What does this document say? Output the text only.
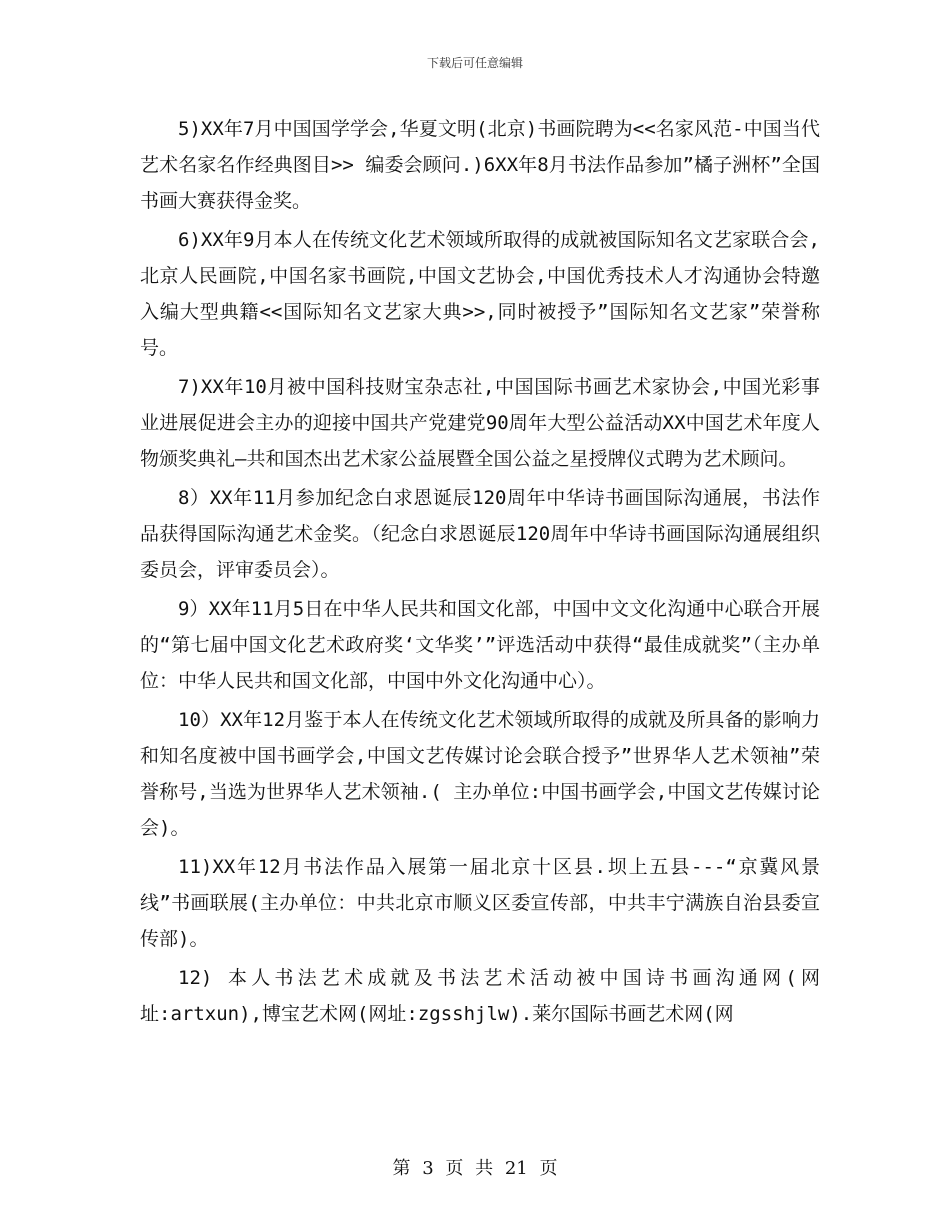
下载后可任意编辑

5)XX年7月中国国学学会,华夏文明(北京)书画院聘为<<名家风范-中国当代艺术名家名作经典图目>> 编委会顾问.)6XX年8月书法作品参加”橘子洲杯”全国书画大赛获得金奖。

6)XX年9月本人在传统文化艺术领域所取得的成就被国际知名文艺家联合会,北京人民画院,中国名家书画院,中国文艺协会,中国优秀技术人才沟通协会特邀入编大型典籍<<国际知名文艺家大典>>,同时被授予”国际知名文艺家”荣誉称号。

7)XX年10月被中国科技财宝杂志社,中国国际书画艺术家协会,中国光彩事业进展促进会主办的迎接中国共产党建党90周年大型公益活动XX中国艺术年度人物颁奖典礼—共和国杰出艺术家公益展暨全国公益之星授牌仪式聘为艺术顾问。

8）XX年11月参加纪念白求恩诞辰120周年中华诗书画国际沟通展，书法作品获得国际沟通艺术金奖。（纪念白求恩诞辰120周年中华诗书画国际沟通展组织委员会，评审委员会）。

9）XX年11月5日在中华人民共和国文化部，中国中文文化沟通中心联合开展的“第七届中国文化艺术政府奖‘文华奖’”评选活动中获得“最佳成就奖”（主办单位：中华人民共和国文化部，中国中外文化沟通中心）。

10）XX年12月鉴于本人在传统文化艺术领域所取得的成就及所具备的影响力和知名度被中国书画学会,中国文艺传媒讨论会联合授予”世界华人艺术领袖”荣誉称号,当选为世界华人艺术领袖.( 主办单位:中国书画学会,中国文艺传媒讨论会)。

11)XX年12月书法作品入展第一届北京十区县.坝上五县---“京冀风景线”书画联展(主办单位：中共北京市顺义区委宣传部，中共丰宁满族自治县委宣传部)。

12) 本人书法艺术成就及书法艺术活动被中国诗书画沟通网(网址:artxun),博宝艺术网(网址:zgsshjlw).莱尔国际书画艺术网(网

第 3 页 共 21 页
